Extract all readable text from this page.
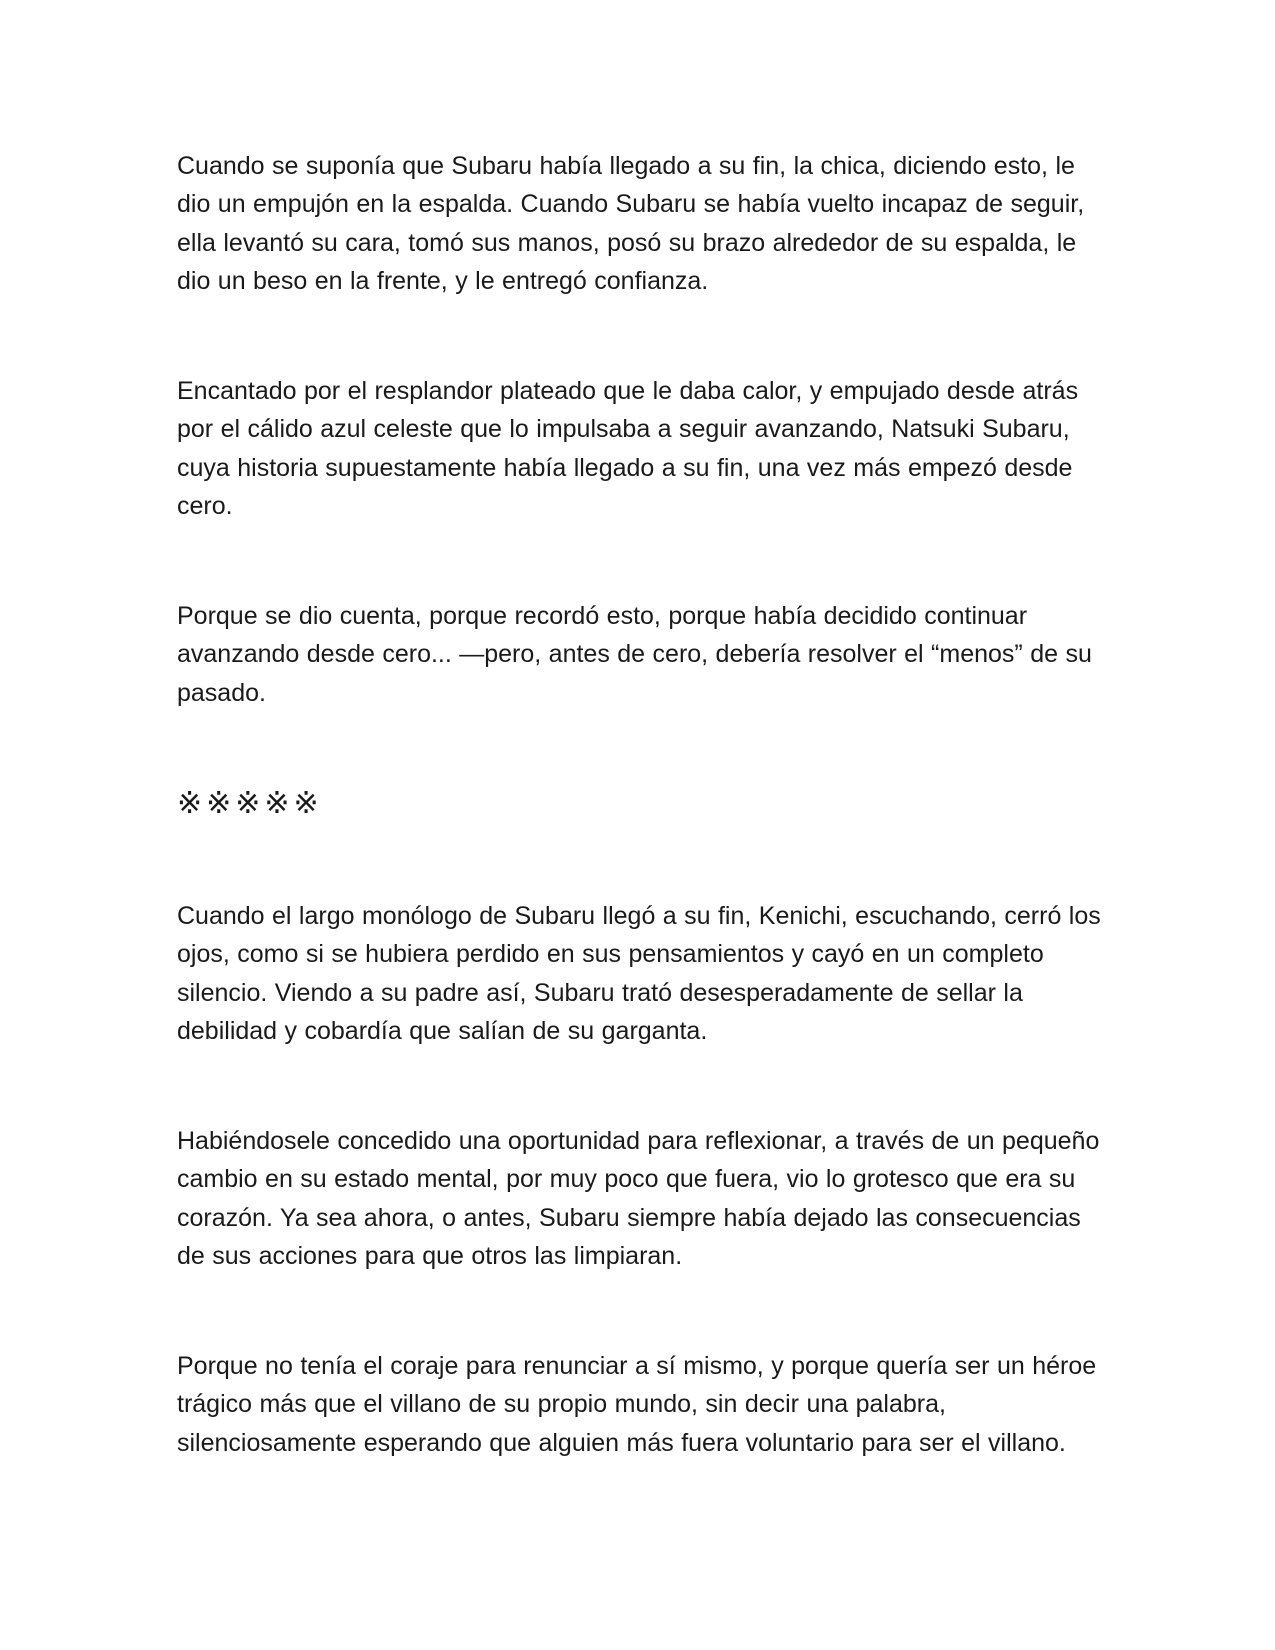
Cuando se suponía que Subaru había llegado a su fin, la chica, diciendo esto, le dio un empujón en la espalda. Cuando Subaru se había vuelto incapaz de seguir, ella levantó su cara, tomó sus manos, posó su brazo alrededor de su espalda, le dio un beso en la frente, y le entregó confianza.

Encantado por el resplandor plateado que le daba calor, y empujado desde atrás por el cálido azul celeste que lo impulsaba a seguir avanzando, Natsuki Subaru, cuya historia supuestamente había llegado a su fin, una vez más empezó desde cero.

Porque se dio cuenta, porque recordó esto, porque había decidido continuar avanzando desde cero... —pero, antes de cero, debería resolver el “menos” de su pasado.

※※※※※

Cuando el largo monólogo de Subaru llegó a su fin, Kenichi, escuchando, cerró los ojos, como si se hubiera perdido en sus pensamientos y cayó en un completo silencio. Viendo a su padre así, Subaru trató desesperadamente de sellar la debilidad y cobardía que salían de su garganta.

Habiéndosele concedido una oportunidad para reflexionar, a través de un pequeño cambio en su estado mental, por muy poco que fuera, vio lo grotesco que era su corazón. Ya sea ahora, o antes, Subaru siempre había dejado las consecuencias de sus acciones para que otros las limpiaran.

Porque no tenía el coraje para renunciar a sí mismo, y porque quería ser un héroe trágico más que el villano de su propio mundo, sin decir una palabra, silenciosamente esperando que alguien más fuera voluntario para ser el villano.
